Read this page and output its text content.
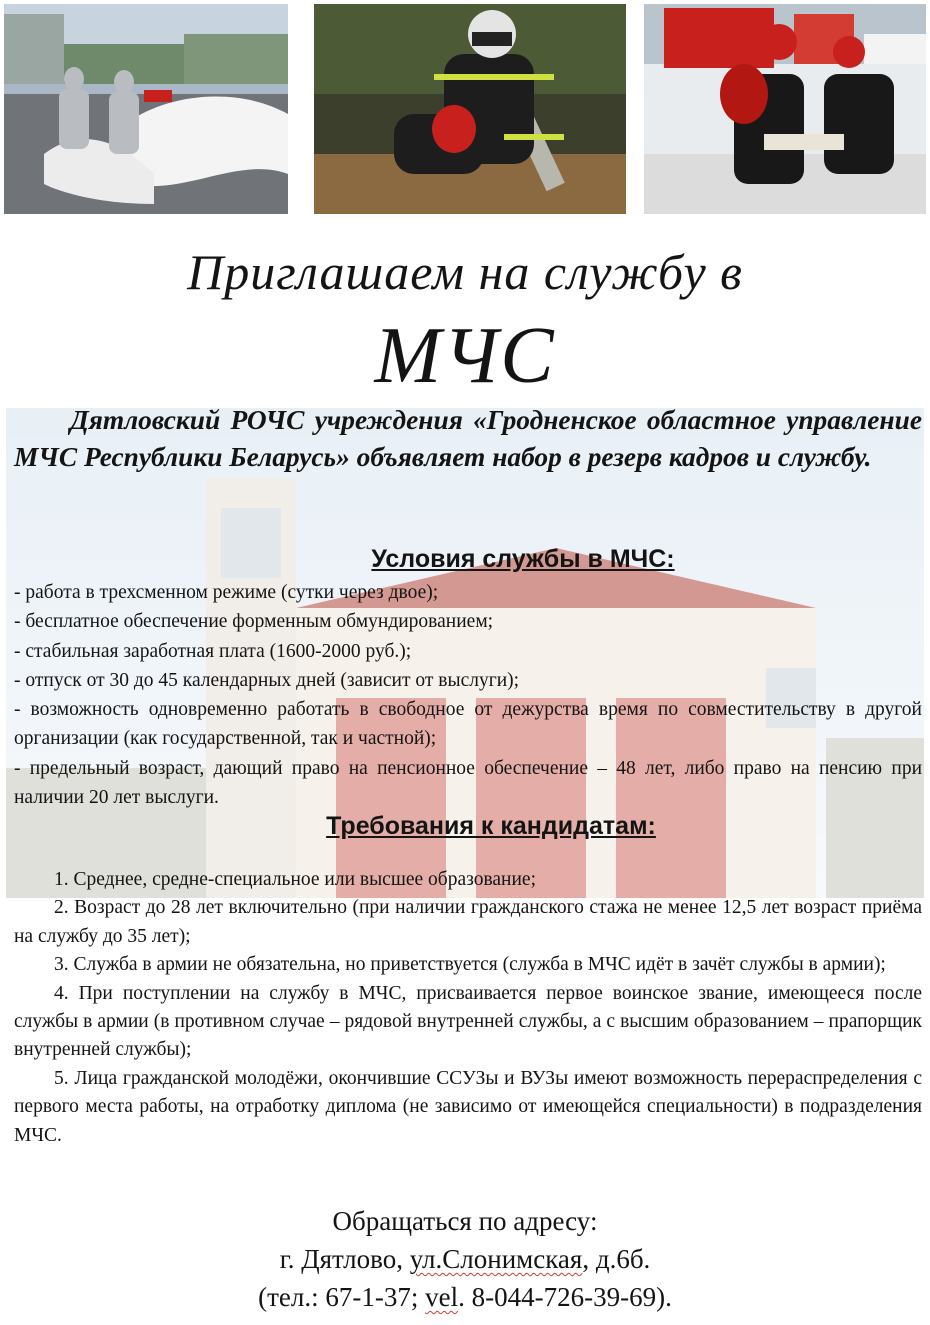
Приглашаем на службу в
МЧС
Дятловский РОЧС учреждения «Гродненское областное управление МЧС Республики Беларусь» объявляет набор в резерв кадров и службу.
Условия службы в МЧС:

- работа в трехсменном режиме (сутки через двое);

- бесплатное обеспечение форменным обмундированием;

- стабильная заработная плата (1600-2000 руб.);

- отпуск от 30 до 45 календарных дней (зависит от выслуги);

- возможность одновременно работать в свободное от дежурства время по совместительству в другой организации (как государственной, так и частной);

- предельный возраст, дающий право на пенсионное обеспечение – 48 лет, либо право на пенсию при наличии 20 лет выслуги.

Требования к кандидатам:
1. Среднее, средне-специальное или высшее образование;
2. Возраст до 28 лет включительно (при наличии гражданского стажа не менее 12,5 лет возраст приёма на службу до 35 лет);
3. Служба в армии не обязательна, но приветствуется (служба в МЧС идёт в зачёт службы в армии);
4. При поступлении на службу в МЧС, присваивается первое воинское звание, имеющееся после службы в армии (в противном случае – рядовой внутренней службы, а с высшим образованием – прапорщик внутренней службы);
5. Лица гражданской молодёжи, окончившие ССУЗы и ВУЗы имеют возможность перераспределения с первого места работы, на отработку диплома (не зависимо от имеющейся специальности) в подразделения МЧС.
Обращаться по адресу:
г. Дятлово, ул.Слонимская, д.6б.
(тел.: 67-1-37; vel. 8-044-726-39-69).
